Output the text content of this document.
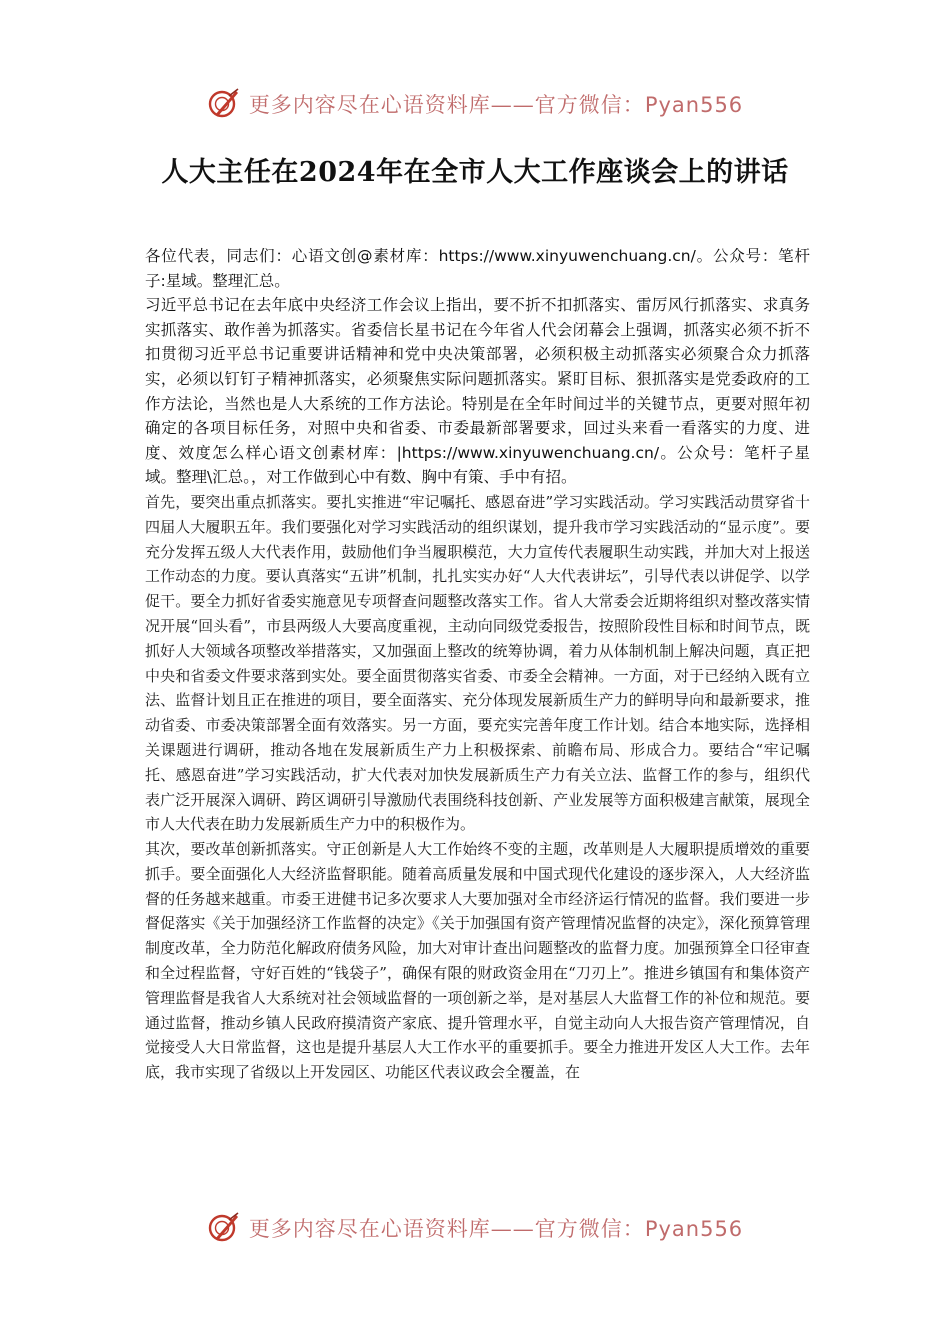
更多内容尽在心语资料库——官方微信：Pyan556
人大主任在2024年在全市人大工作座谈会上的讲话

各位代表，同志们：心语文创@素材库：https://www.xinyuwenchuang.cn/。公众号：笔杆子:星域。整理汇总。

习近平总书记在去年底中央经济工作会议上指出，要不折不扣抓落实、雷厉风行抓落实、求真务实抓落实、敢作善为抓落实。省委信长星书记在今年省人代会闭幕会上强调，抓落实必须不折不扣贯彻习近平总书记重要讲话精神和党中央决策部署，必须积极主动抓落实必须聚合众力抓落实，必须以钉钉子精神抓落实，必须聚焦实际问题抓落实。紧盯目标、狠抓落实是党委政府的工作方法论，当然也是人大系统的工作方法论。特别是在全年时间过半的关键节点，更要对照年初确定的各项目标任务，对照中央和省委、市委最新部署要求，回过头来看一看落实的力度、进度、效度怎么样心语文创素材库：|https://www.xinyuwenchuang.cn/。公众号：笔杆子星域。整理\汇总。，对工作做到心中有数、胸中有策、手中有招。

首先，要突出重点抓落实。要扎实推进“牢记嘱托、感恩奋进”学习实践活动。学习实践活动贯穿省十四届人大履职五年。我们要强化对学习实践活动的组织谋划，提升我市学习实践活动的“显示度”。要充分发挥五级人大代表作用，鼓励他们争当履职模范，大力宣传代表履职生动实践，并加大对上报送工作动态的力度。要认真落实“五讲”机制，扎扎实实办好“人大代表讲坛”，引导代表以讲促学、以学促干。要全力抓好省委实施意见专项督查问题整改落实工作。省人大常委会近期将组织对整改落实情况开展“回头看”，市县两级人大要高度重视，主动向同级党委报告，按照阶段性目标和时间节点，既抓好人大领域各项整改举措落实，又加强面上整改的统筹协调，着力从体制机制上解决问题，真正把中央和省委文件要求落到实处。要全面贯彻落实省委、市委全会精神。一方面，对于已经纳入既有立法、监督计划且正在推进的项目，要全面落实、充分体现发展新质生产力的鲜明导向和最新要求，推动省委、市委决策部署全面有效落实。另一方面，要充实完善年度工作计划。结合本地实际，选择相关课题进行调研，推动各地在发展新质生产力上积极探索、前瞻布局、形成合力。要结合“牢记嘱托、感恩奋进”学习实践活动，扩大代表对加快发展新质生产力有关立法、监督工作的参与，组织代表广泛开展深入调研、跨区调研引导激励代表围绕科技创新、产业发展等方面积极建言献策，展现全市人大代表在助力发展新质生产力中的积极作为。

其次，要改革创新抓落实。守正创新是人大工作始终不变的主题，改革则是人大履职提质增效的重要抓手。要全面强化人大经济监督职能。随着高质量发展和中国式现代化建设的逐步深入，人大经济监督的任务越来越重。市委王进健书记多次要求人大要加强对全市经济运行情况的监督。我们要进一步督促落实《关于加强经济工作监督的决定》《关于加强国有资产管理情况监督的决定》，深化预算管理制度改革，全力防范化解政府债务风险，加大对审计查出问题整改的监督力度。加强预算全口径审查和全过程监督，守好百姓的“钱袋子”，确保有限的财政资金用在“刀刃上”。推进乡镇国有和集体资产管理监督是我省人大系统对社会领域监督的一项创新之举，是对基层人大监督工作的补位和规范。要通过监督，推动乡镇人民政府摸清资产家底、提升管理水平，自觉主动向人大报告资产管理情况，自觉接受人大日常监督，这也是提升基层人大工作水平的重要抓手。要全力推进开发区人大工作。去年底，我市实现了省级以上开发园区、功能区代表议政会全覆盖，在

更多内容尽在心语资料库——官方微信：Pyan556
